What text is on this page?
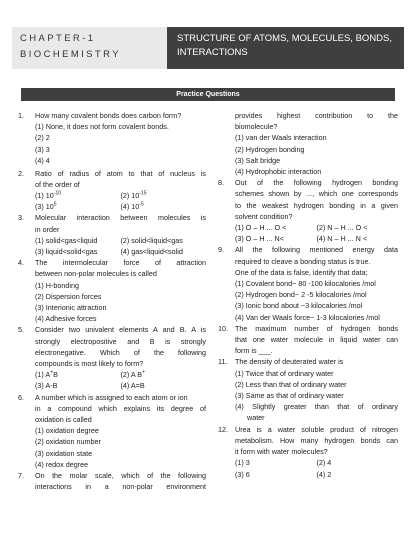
CHAPTER-1
BIOCHEMISTRY
STRUCTURE OF ATOMS, MOLECULES, BONDS,
INTERACTIONS
Practice Questions
1.	How many covalent bonds does carbon form?
(1) None, it does not form covalent bonds.
(2) 2
(3) 3
(4) 4
2.	Ratio of radius of atom to that of nucleus is
of the order of
(1) $10^{-10}$	(2) $10^{-15}$
(3) $10^5$	(4) $10^{-5}$
3.	Molecular interaction between molecules is
in order
(1) solid<gas<liquid	(2) solid<liquid<gas
(3) liquid<solid<gas	(4) gas<liquid<solid
4.	The intermolecular force of attraction
between non-polar molecules is called
(1) H-bonding
(2) Dispersion forces
(3) Interionic attraction
(4) Adhesive forces
5.	Consider two univalent elements A and B. A is
strongly electropositive and B is strongly
electronegative. Which of the following
compounds is most likely to form?
(1) A+B	(2) A B+
(3) A-B	(4) A=B
6.	A number which is assigned to each atom or ion
in a compound which explains its degree of
oxidation is called
(1) oxidation degree
(2) oxidation number
(3) oxidation state
(4) redox degree
7.	On the molar scale, which of the following
interactions in a non-polar environment
provides highest contribution to the
biomolecule?
(1) van der Waals interaction
(2) Hydrogen bonding
(3) Salt bridge
(4) Hydrophobic interaction
8.	Out of the following hydrogen bonding
schemes shown by ..., which one corresponds
to the weakest hydrogen bonding in a given
solvent condition?
(1) O – H ... O <	(2) N – H ... O <
(3) O – H ... N<	(4) N – H ... N <
9.	All the following mentioned energy data
required to cleave a bonding status is true.
One of the data is false, identify that data;
(1) Covalent bond~ 80 -100 kilocalories /mol
(2) Hydrogen bond~ 2 -5 kilocalories /mol
(3) Ionic bond about ~3 kilocalories /mol
(4) Van der Waals force~ 1-3 kilocalories /mol
10. The maximum number of hydrogen bonds
that one water molecule in liquid water can
form is ___.
11.	The density of deuterated water is
(1) Twice that of ordinary water
(2) Less than that of ordinary water
(3) Same as that of ordinary water
(4) Slightly greater than that of ordinary
water
12. Urea is a water soluble product of nitrogen
metabolism. How many hydrogen bonds can
it form with water molecules?
(1) 3	(2) 4
(3) 6	(4) 2
